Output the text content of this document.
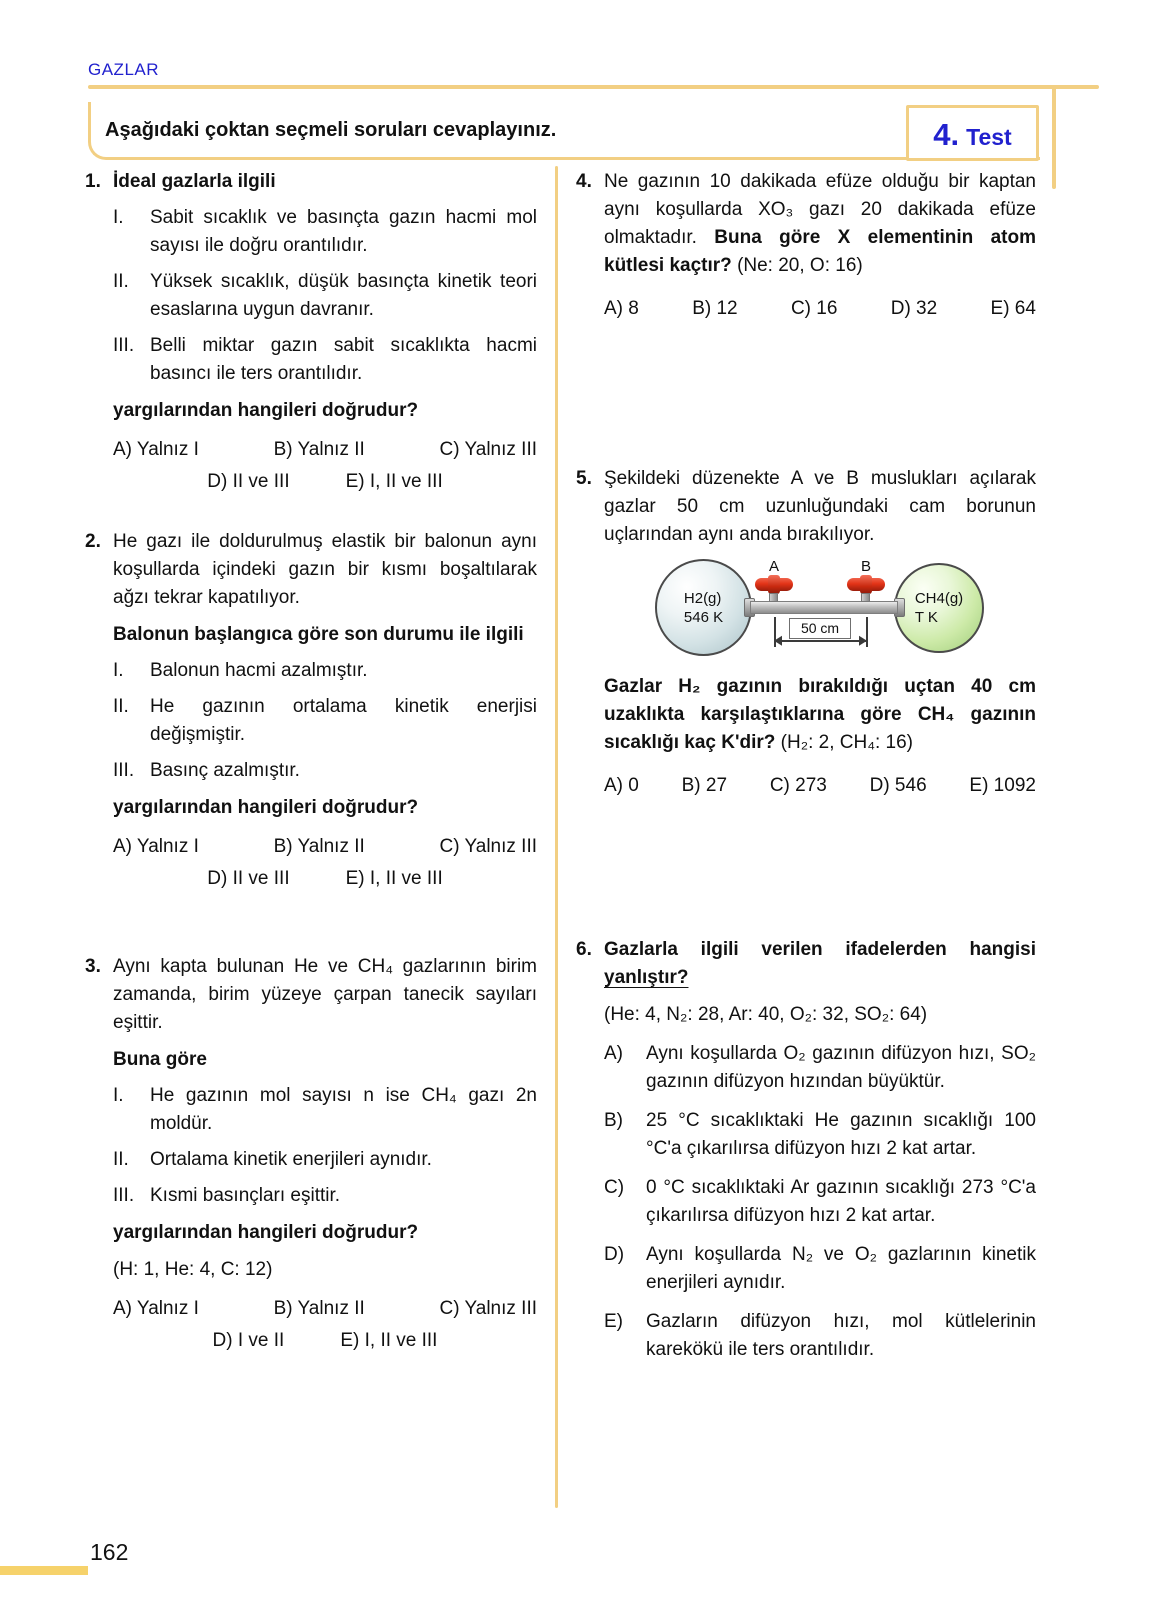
GAZLAR
Aşağıdaki çoktan seçmeli soruları cevaplayınız.	4. Test
1. İdeal gazlarla ilgili
I.	Sabit sıcaklık ve basınçta gazın hacmi mol sayısı ile doğru orantılıdır.
II.	Yüksek sıcaklık, düşük basınçta kinetik teori esaslarına uygun davranır.
III. Belli miktar gazın sabit sıcaklıkta hacmi basıncı ile ters orantılıdır.
yargılarından hangileri doğrudur?
A) Yalnız I	B) Yalnız II	C) Yalnız III
D) II ve III	E) I, II ve III
2. He gazı ile doldurulmuş elastik bir balonun aynı koşullarda içindeki gazın bir kısmı boşaltılarak ağzı tekrar kapatılıyor.
Balonun başlangıca göre son durumu ile ilgili
I.	Balonun hacmi azalmıştır.
II.	He gazının ortalama kinetik enerjisi değişmiştir.
III. Basınç azalmıştır.
yargılarından hangileri doğrudur?
A) Yalnız I	B) Yalnız II	C) Yalnız III
D) II ve III	E) I, II ve III
3. Aynı kapta bulunan He ve CH₄ gazlarının birim zamanda, birim yüzeye çarpan tanecik sayıları eşittir.
Buna göre
I.	He gazının mol sayısı n ise CH₄ gazı 2n moldür.
II.	Ortalama kinetik enerjileri aynıdır.
III. Kısmi basınçları eşittir.
yargılarından hangileri doğrudur?
(H: 1, He: 4, C: 12)
A) Yalnız I	B) Yalnız II	C) Yalnız III
D) I ve II	E) I, II ve III
4. Ne gazının 10 dakikada efüze olduğu bir kaptan aynı koşullarda XO₃ gazı 20 dakikada efüze olmaktadır. Buna göre X elementinin atom kütlesi kaçtır? (Ne: 20, O: 16)
A) 8	B) 12	C) 16	D) 32	E) 64
5. Şekildeki düzenekte A ve B muslukları açılarak gazlar 50 cm uzunluğundaki cam borunun uçlarından aynı anda bırakılıyor.
H2(g)
546 K
CH4(g)
T K
A	B
50 cm
Gazlar H₂ gazının bırakıldığı uçtan 40 cm uzaklıkta karşılaştıklarına göre CH₄ gazının sıcaklığı kaç K'dir? (H₂: 2, CH₄: 16)
A) 0 B) 27 C) 273 D) 546 E) 1092
6. Gazlarla ilgili verilen ifadelerden hangisi yanlıştır?
(He: 4, N₂: 28, Ar: 40, O₂: 32, SO₂: 64)
A)	Aynı koşullarda O₂ gazının difüzyon hızı, SO₂ gazının difüzyon hızından büyüktür.
B)	25 °C sıcaklıktaki He gazının sıcaklığı 100 °C'a çıkarılırsa difüzyon hızı 2 kat artar.
C)	0 °C sıcaklıktaki Ar gazının sıcaklığı 273 °C'a çıkarılırsa difüzyon hızı 2 kat artar.
D)	Aynı koşullarda N₂ ve O₂ gazlarının kinetik enerjileri aynıdır.
E)	Gazların difüzyon hızı, mol kütlelerinin karekökü ile ters orantılıdır.
162
